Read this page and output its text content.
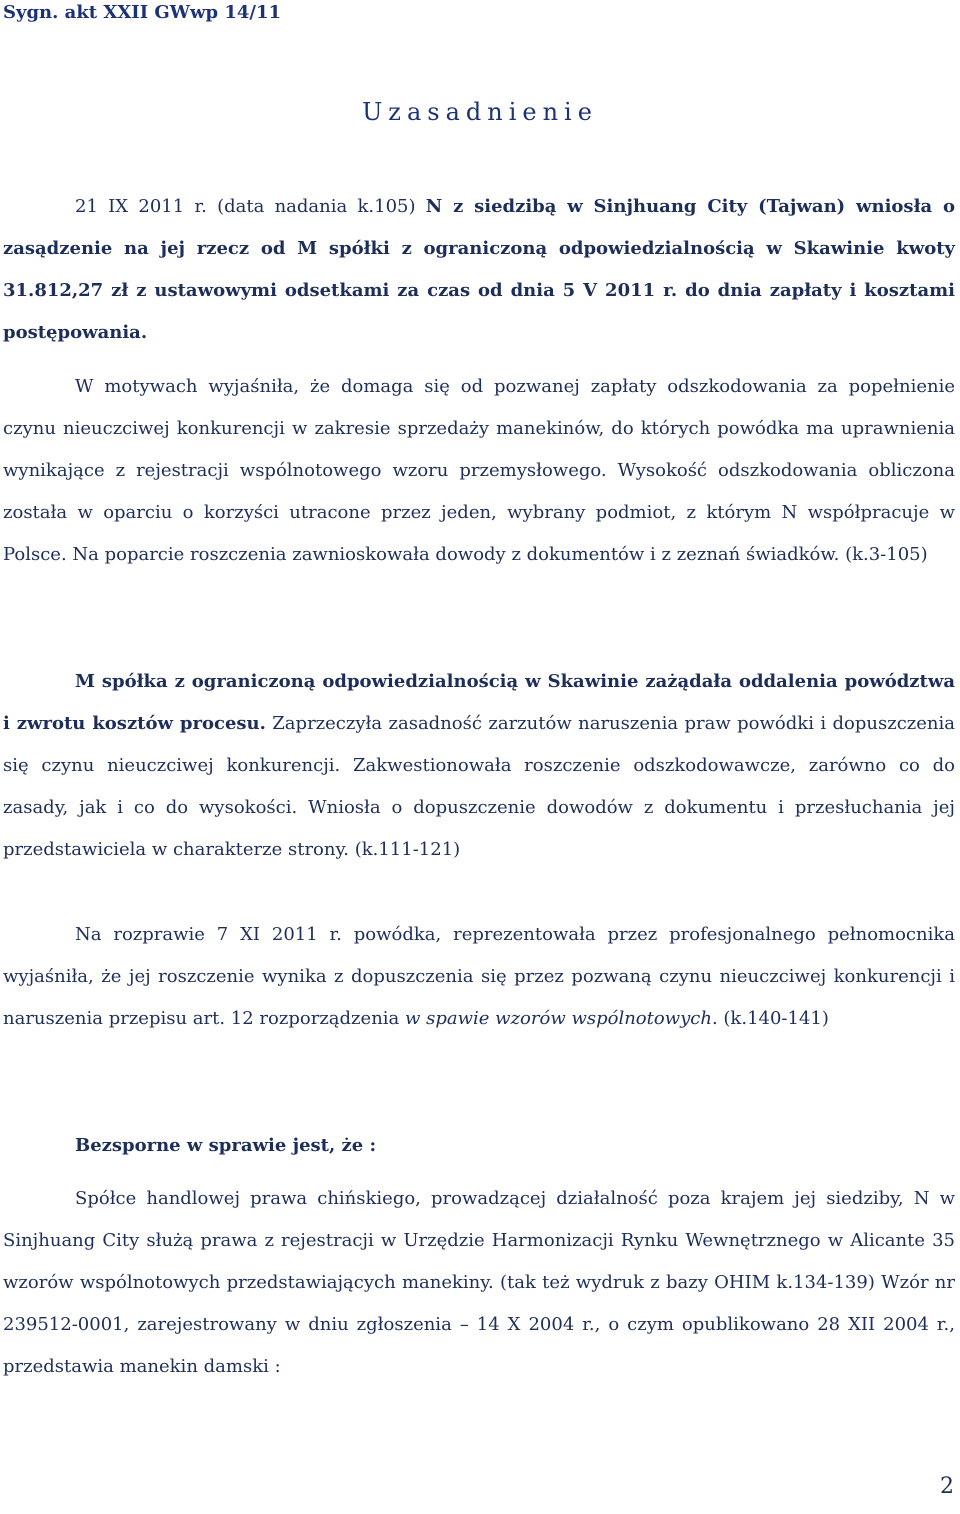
Sygn. akt XXII GWwp 14/11
Uzasadnienie

21 IX 2011 r. (data nadania k.105) N z siedzibą w Sinjhuang City (Tajwan) wniosła o zasądzenie na jej rzecz od M spółki z ograniczoną odpowiedzialnością w Skawinie kwoty 31.812,27 zł z ustawowymi odsetkami za czas od dnia 5 V 2011 r. do dnia zapłaty i kosztami postępowania.

W motywach wyjaśniła, że domaga się od pozwanej zapłaty odszkodowania za popełnienie czynu nieuczciwej konkurencji w zakresie sprzedaży manekinów, do których powódka ma uprawnienia wynikające z rejestracji wspólnotowego wzoru przemysłowego. Wysokość odszkodowania obliczona została w oparciu o korzyści utracone przez jeden, wybrany podmiot, z którym N współpracuje w Polsce. Na poparcie roszczenia zawnioskowała dowody z dokumentów i z zeznań świadków. (k.3-105)

M spółka z ograniczoną odpowiedzialnością w Skawinie zażądała oddalenia powództwa i zwrotu kosztów procesu. Zaprzeczyła zasadność zarzutów naruszenia praw powódki i dopuszczenia się czynu nieuczciwej konkurencji. Zakwestionowała roszczenie odszkodowawcze, zarówno co do zasady, jak i co do wysokości. Wniosła o dopuszczenie dowodów z dokumentu i przesłuchania jej przedstawiciela w charakterze strony. (k.111-121)

Na rozprawie 7 XI 2011 r. powódka, reprezentowała przez profesjonalnego pełnomocnika wyjaśniła, że jej roszczenie wynika z dopuszczenia się przez pozwaną czynu nieuczciwej konkurencji i naruszenia przepisu art. 12 rozporządzenia w spawie wzorów wspólnotowych. (k.140-141)

Bezsporne w sprawie jest, że :

Spółce handlowej prawa chińskiego, prowadzącej działalność poza krajem jej siedziby, N w Sinjhuang City służą prawa z rejestracji w Urzędzie Harmonizacji Rynku Wewnętrznego w Alicante 35 wzorów wspólnotowych przedstawiających manekiny. (tak też wydruk z bazy OHIM k.134-139) Wzór nr 239512-0001, zarejestrowany w dniu zgłoszenia – 14 X 2004 r., o czym opublikowano 28 XII 2004 r., przedstawia manekin damski :

2
